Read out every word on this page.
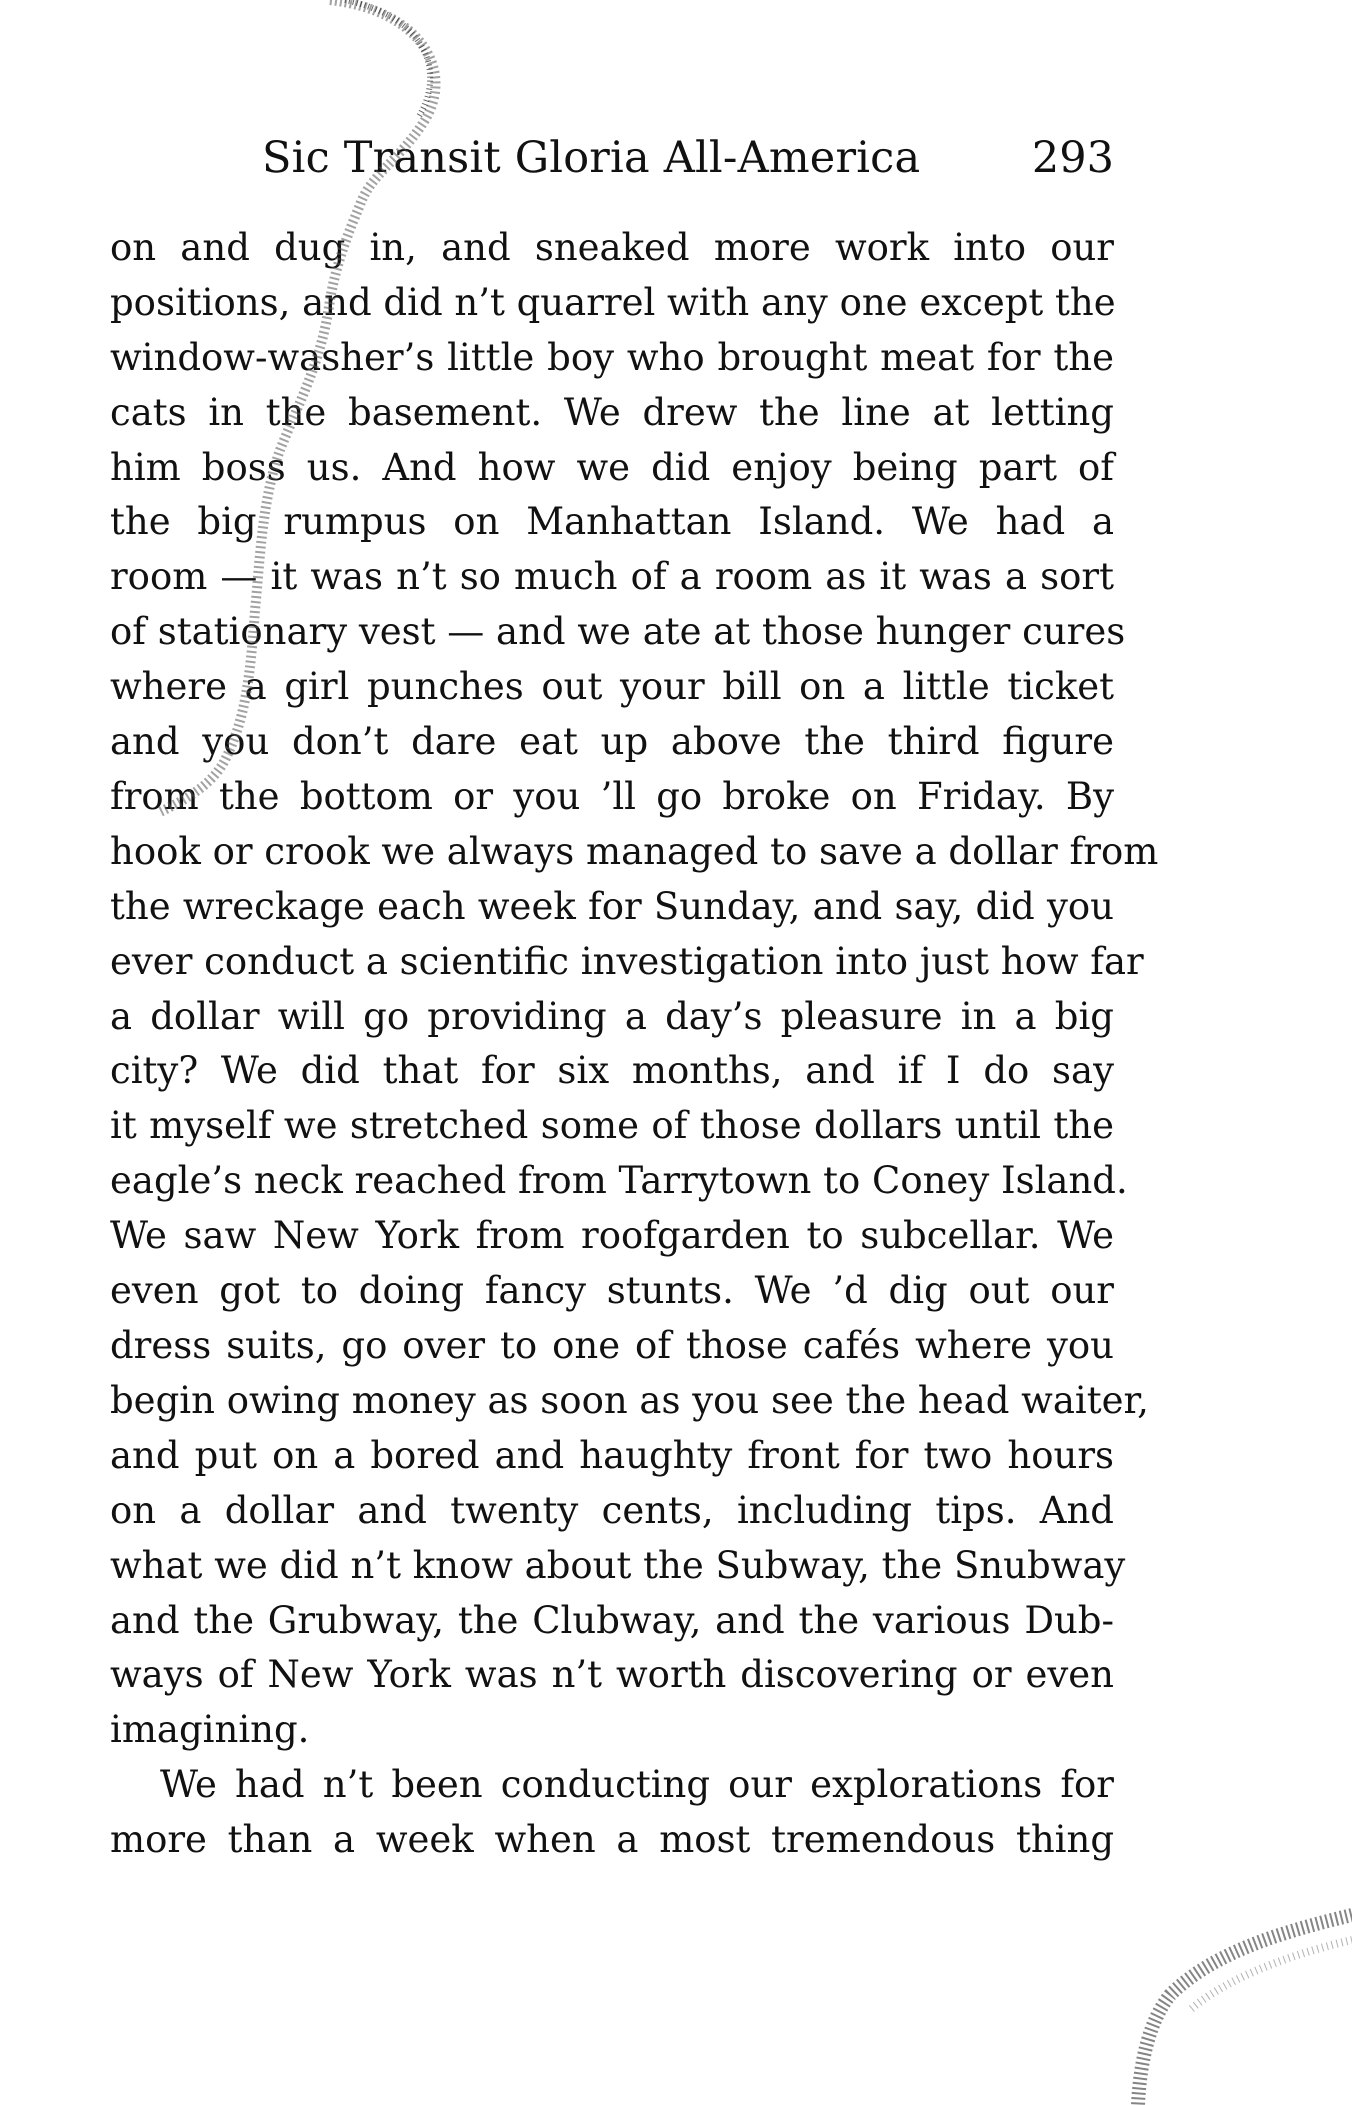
Sic Transit Gloria All-America	293
on and dug in, and sneaked more work into our
positions, and did n’t quarrel with any one except the
window-washer’s little boy who brought meat for the
cats in the basement. We drew the line at letting
him boss us. And how we did enjoy being part of
the big rumpus on Manhattan Island. We had a
room — it was n’t so much of a room as it was a sort
of stationary vest — and we ate at those hunger cures
where a girl punches out your bill on a little ticket
and you don’t dare eat up above the third figure
from the bottom or you ’ll go broke on Friday. By
hook or crook we always managed to save a dollar from
the wreckage each week for Sunday, and say, did you
ever conduct a scientific investigation into just how far
a dollar will go providing a day’s pleasure in a big
city? We did that for six months, and if I do say
it myself we stretched some of those dollars until the
eagle’s neck reached from Tarrytown to Coney Island.
We saw New York from roofgarden to subcellar. We
even got to doing fancy stunts. We ’d dig out our
dress suits, go over to one of those cafés where you
begin owing money as soon as you see the head waiter,
and put on a bored and haughty front for two hours
on a dollar and twenty cents, including tips. And
what we did n’t know about the Subway, the Snubway
and the Grubway, the Clubway, and the various Dub-
ways of New York was n’t worth discovering or even
imagining.
We had n’t been conducting our explorations for
more than a week when a most tremendous thing
